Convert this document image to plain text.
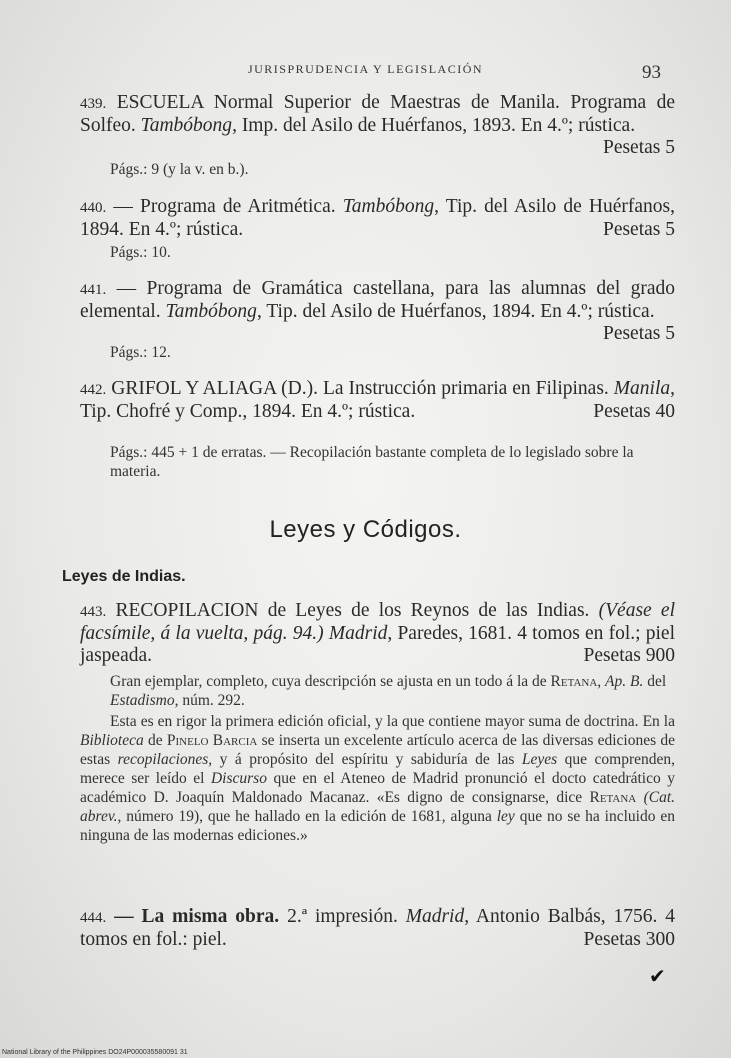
JURISPRUDENCIA Y LEGISLACIÓN	93
439. ESCUELA Normal Superior de Maestras de Manila. Programa de Solfeo. Tambóbong, Imp. del Asilo de Huérfanos, 1893. En 4.º; rústica.
Pesetas 5
Págs.: 9 (y la v. en b.).
440. — Programa de Aritmética. Tambóbong, Tip. del Asilo de Huérfanos, 1894. En 4.º; rústica.	Pesetas 5
Págs.: 10.
441. — Programa de Gramática castellana, para las alumnas del grado elemental. Tambóbong, Tip. del Asilo de Huérfanos, 1894. En 4.º; rústica.
Pesetas 5
Págs.: 12.
442. GRIFOL Y ALIAGA (D.). La Instrucción primaria en Filipinas. Manila, Tip. Chofré y Comp., 1894. En 4.º; rústica.	Pesetas 40
Págs.: 445 + 1 de erratas. — Recopilación bastante completa de lo legislado sobre la materia.
Leyes y Códigos.
Leyes de Indias.
443. RECOPILACION de Leyes de los Reynos de las Indias. (Véase el facsímile, á la vuelta, pág. 94.) Madrid, Paredes, 1681. 4 tomos en fol.; piel jaspeada.	Pesetas 900
Gran ejemplar, completo, cuya descripción se ajusta en un todo á la de Retana, Ap. B. del Estadismo, núm. 292.
Esta es en rigor la primera edición oficial, y la que contiene mayor suma de doctrina. En la Biblioteca de Pinelo Barcia se inserta un excelente artículo acerca de las diversas ediciones de estas recopilaciones, y á propósito del espíritu y sabiduría de las Leyes que comprenden, merece ser leído el Discurso que en el Ateneo de Madrid pronunció el docto catedrático y académico D. Joaquín Maldonado Macanaz. «Es digno de consignarse, dice Retana (Cat. abrev., número 19), que he hallado en la edición de 1681, alguna ley que no se ha incluido en ninguna de las modernas ediciones.»
444. — La misma obra. 2.ª impresión. Madrid, Antonio Balbás, 1756. 4 tomos en fol.: piel.	Pesetas 300
✔
National Library of the Philippines DO24P000035580091 31
